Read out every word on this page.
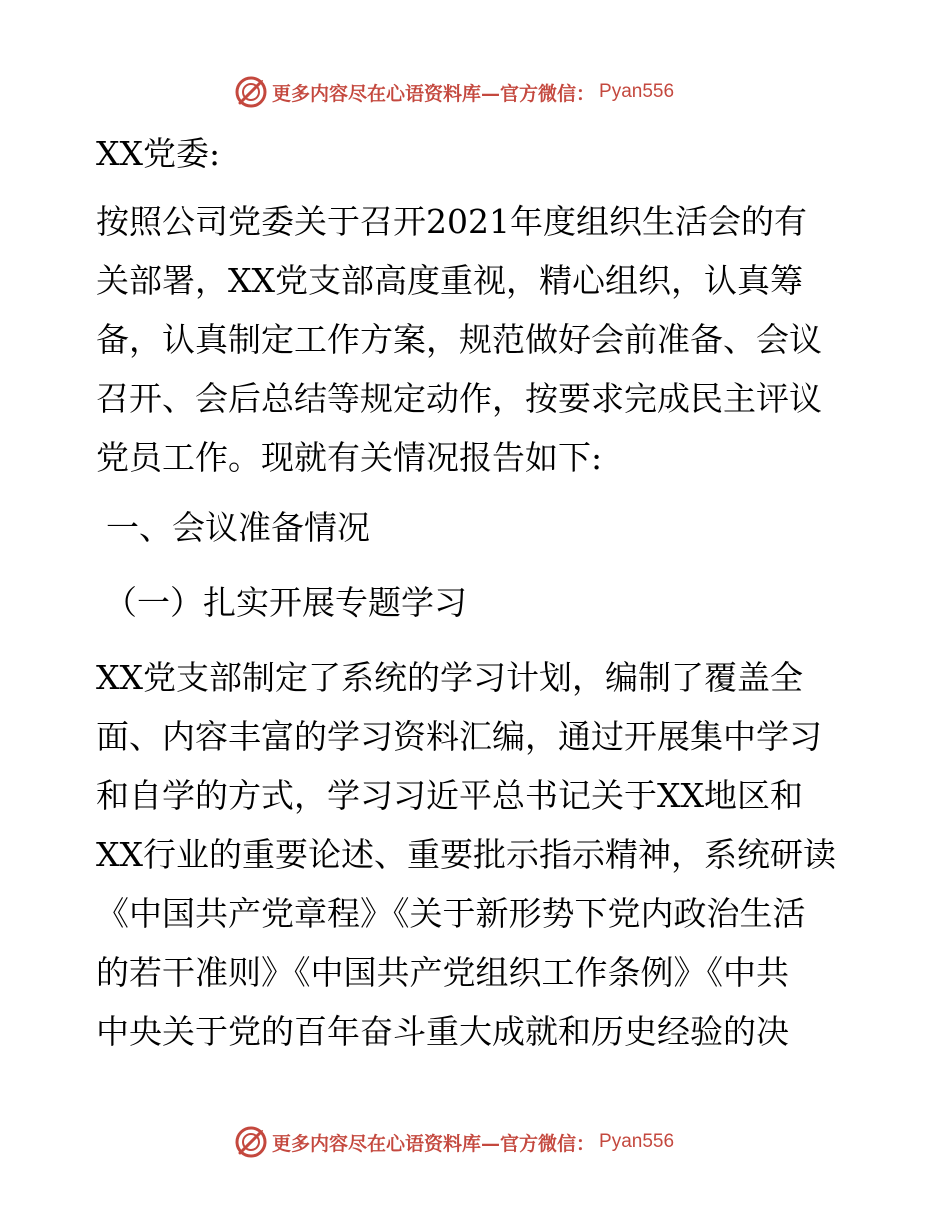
更多内容尽在心语资料库—官方微信： Pyan556
XX党委:
按照公司党委关于召开2021年度组织生活会的有
关部署，XX党支部高度重视，精心组织，认真筹
备，认真制定工作方案，规范做好会前准备、会议
召开、会后总结等规定动作，按要求完成民主评议
党员工作。现就有关情况报告如下:
一、会议准备情况
（一）扎实开展专题学习
XX党支部制定了系统的学习计划，编制了覆盖全
面、内容丰富的学习资料汇编，通过开展集中学习
和自学的方式，学习习近平总书记关于XX地区和
XX行业的重要论述、重要批示指示精神，系统研读
《中国共产党章程》《关于新形势下党内政治生活
的若干准则》《中国共产党组织工作条例》《中共
中央关于党的百年奋斗重大成就和历史经验的决
更多内容尽在心语资料库—官方微信： Pyan556
